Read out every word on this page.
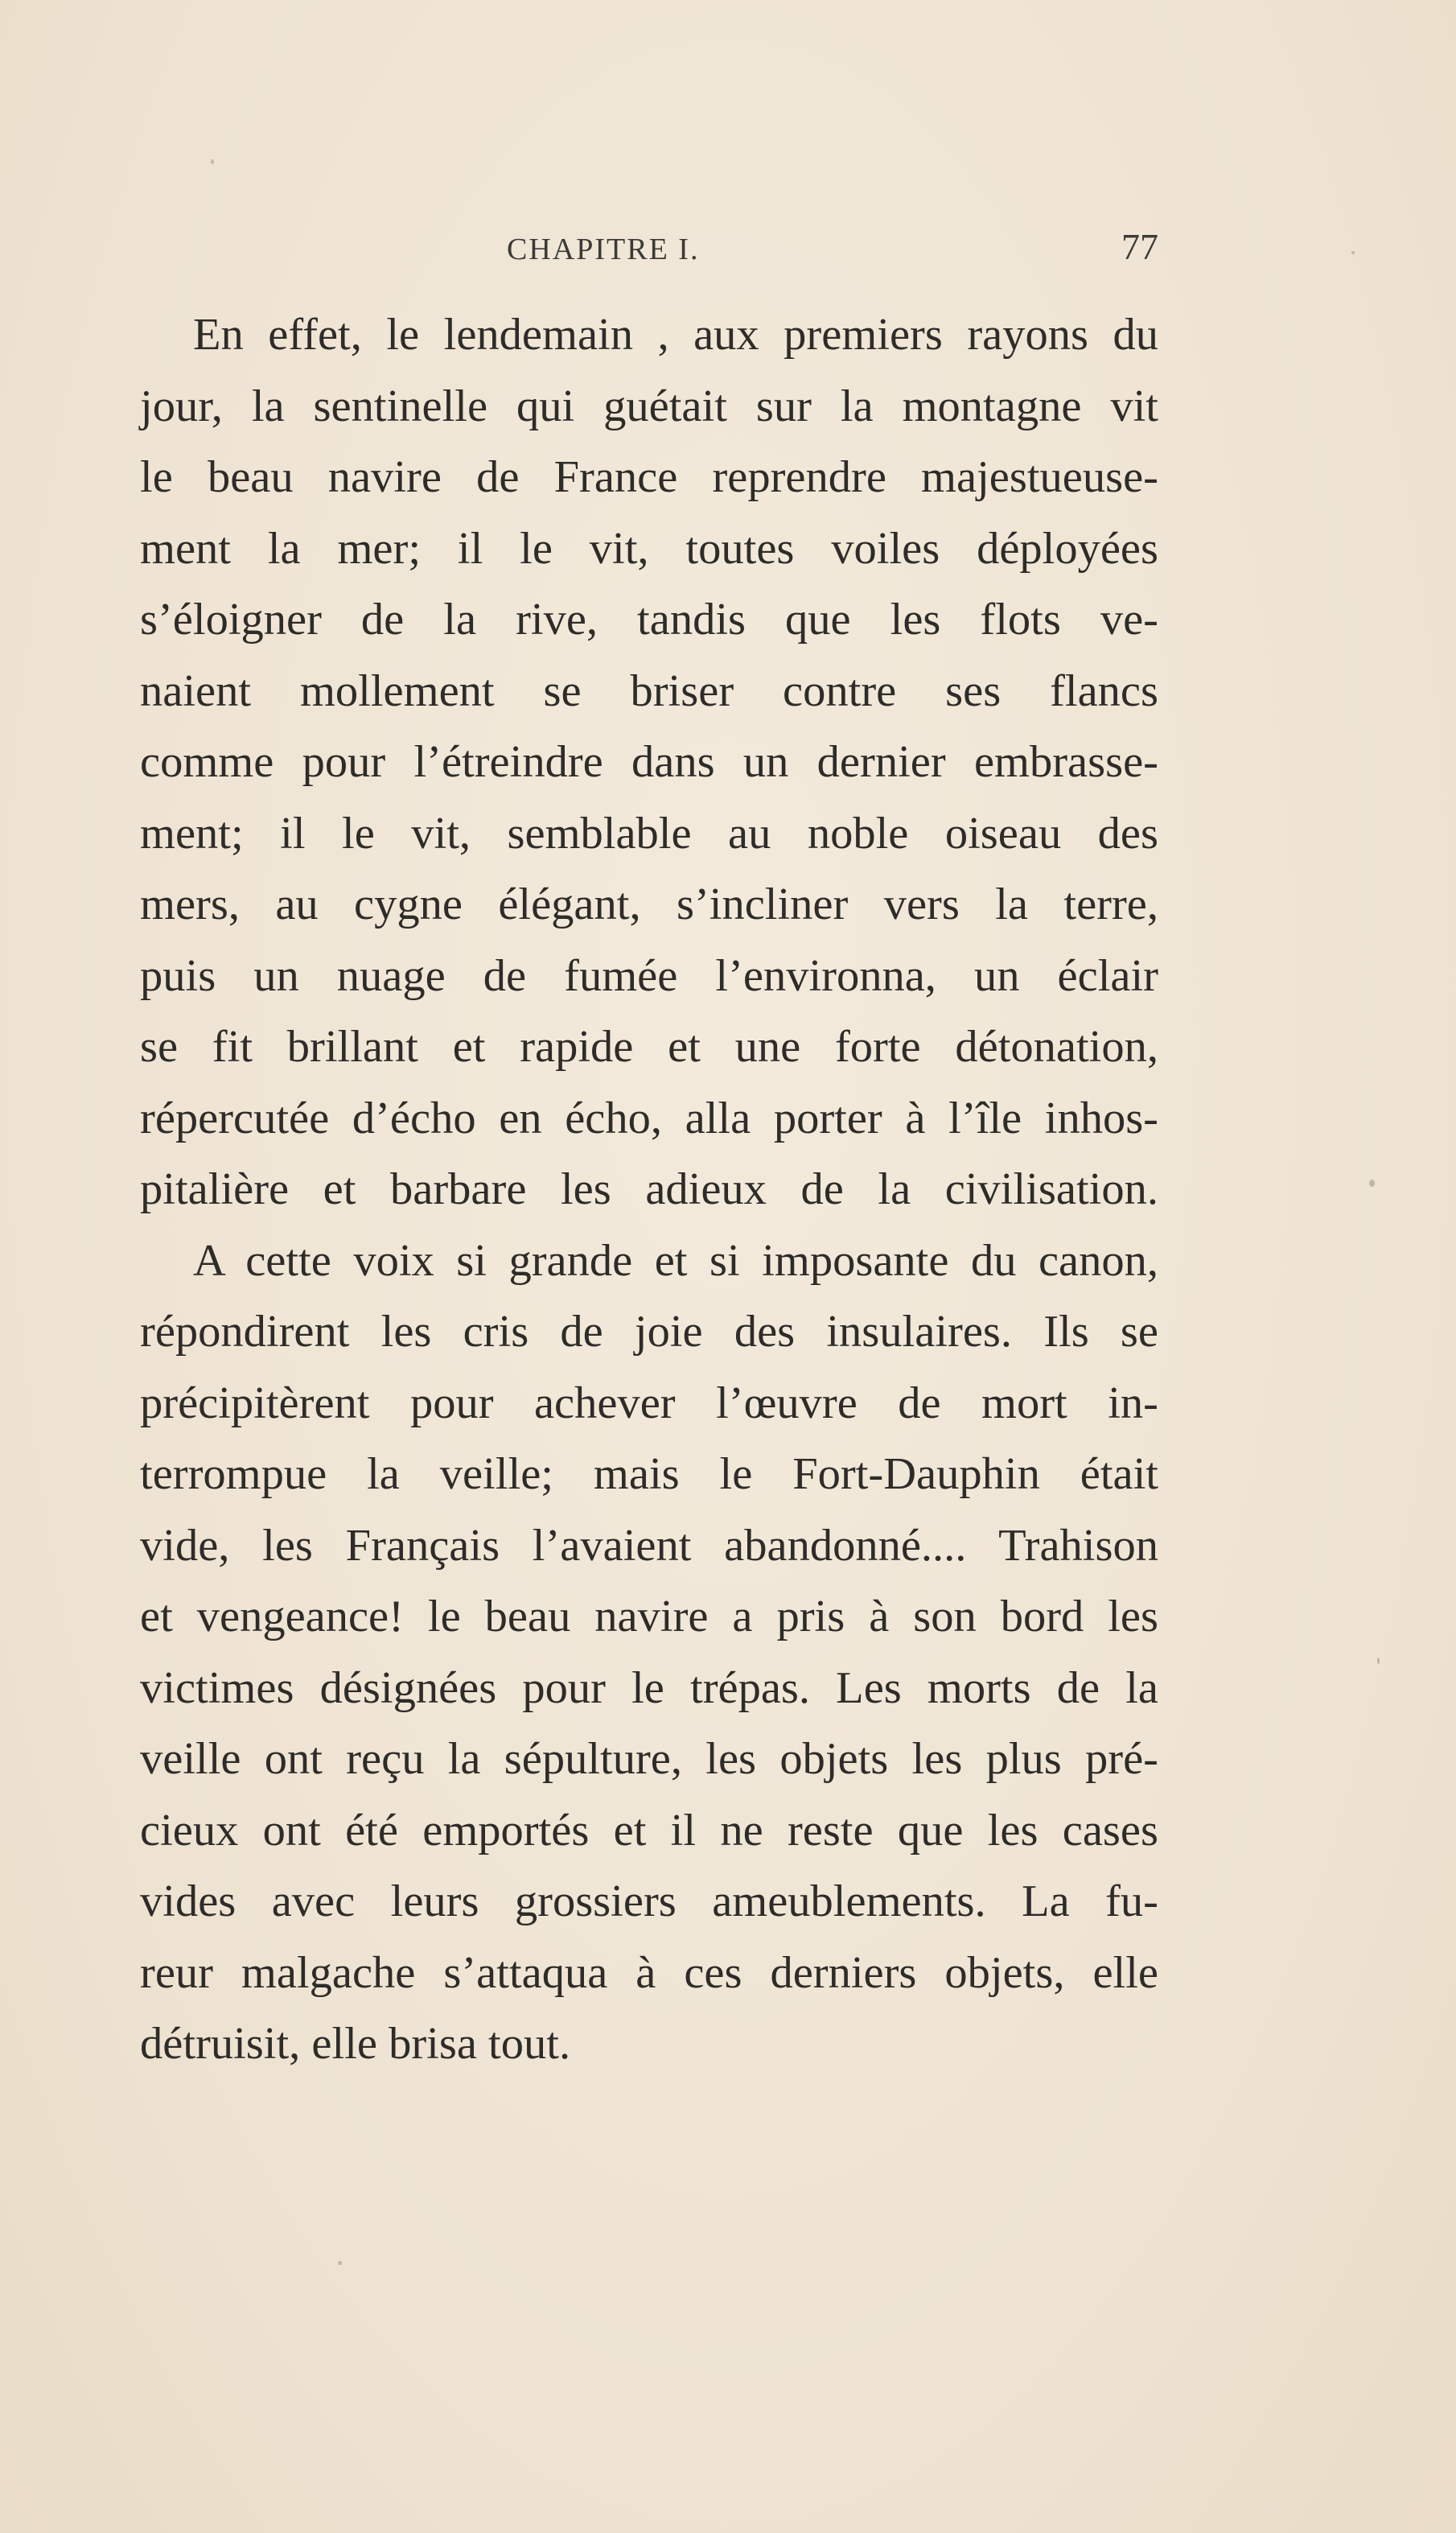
CHAPITRE I.	77
En effet, le lendemain , aux premiers rayons du
jour, la sentinelle qui guétait sur la montagne vit
le beau navire de France reprendre majestueuse-
ment la mer; il le vit, toutes voiles déployées
s’éloigner de la rive, tandis que les flots ve-
naient mollement se briser contre ses flancs
comme pour l’étreindre dans un dernier embrasse-
ment; il le vit, semblable au noble oiseau des
mers, au cygne élégant, s’incliner vers la terre,
puis un nuage de fumée l’environna, un éclair
se fit brillant et rapide et une forte détonation,
répercutée d’écho en écho, alla porter à l’île inhos-
pitalière et barbare les adieux de la civilisation.
A cette voix si grande et si imposante du canon,
répondirent les cris de joie des insulaires. Ils se
précipitèrent pour achever l’œuvre de mort in-
terrompue la veille; mais le Fort-Dauphin était
vide, les Français l’avaient abandonné.... Trahison
et vengeance! le beau navire a pris à son bord les
victimes désignées pour le trépas. Les morts de la
veille ont reçu la sépulture, les objets les plus pré-
cieux ont été emportés et il ne reste que les cases
vides avec leurs grossiers ameublements. La fu-
reur malgache s’attaqua à ces derniers objets, elle
détruisit, elle brisa tout.
